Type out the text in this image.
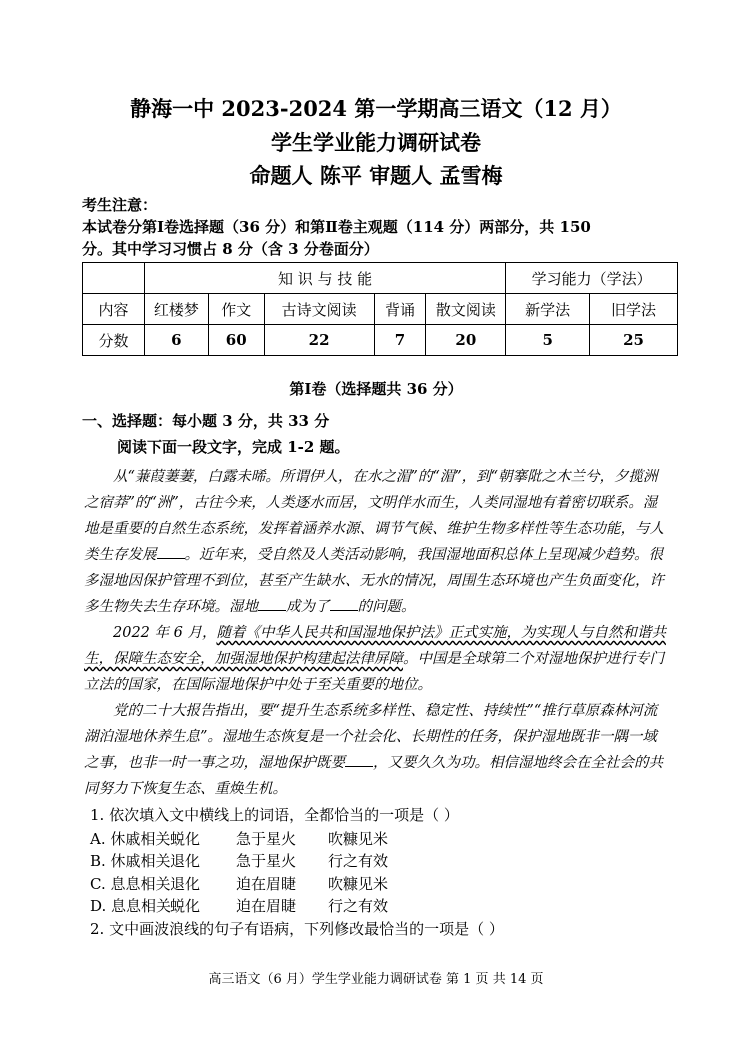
静海一中 2023-2024 第一学期高三语文（12 月）
学生学业能力调研试卷
命题人 陈平 审题人 孟雪梅
考生注意：
本试卷分第Ⅰ卷选择题（36 分）和第Ⅱ卷主观题（114 分）两部分，共 150
分。其中学习习惯占 8 分（含 3 分卷面分）
	知 识 与 技 能					学习能力（学法）	
内容	红楼梦	作文	古诗文阅读	背诵	散文阅读	新学法	旧学法
分数	6	60	22	7	20	5	25
第Ⅰ卷（选择题共 36 分）
一、选择题：每小题 3 分，共 33 分
阅读下面一段文字，完成 1-2 题。

从“蒹葭萋萋，白露未晞。所谓伊人，在水之湄”的“湄”，到“朝搴阰之木兰兮，夕揽洲之宿莽”的“洲”，古往今来，人类逐水而居，文明伴水而生，人类同湿地有着密切联系。湿地是重要的自然生态系统，发挥着涵养水源、调节气候、维护生物多样性等生态功能，与人类生存发展 。近年来，受自然及人类活动影响，我国湿地面积总体上呈现减少趋势。很多湿地因保护管理不到位，甚至产生缺水、无水的情况，周围生态环境也产生负面变化，许多生物失去生存环境。湿地 成为了 的问题。

2022 年 6 月，随着《中华人民共和国湿地保护法》正式实施，为实现人与自然和谐共生，保障生态安全，加强湿地保护构建起法律屏障。中国是全球第二个对湿地保护进行专门立法的国家，在国际湿地保护中处于至关重要的地位。

党的二十大报告指出，要“提升生态系统多样性、稳定性、持续性”“推行草原森林河流湖泊湿地休养生息”。湿地生态恢复是一个社会化、长期性的任务，保护湿地既非一隅一域之事，也非一时一事之功，湿地保护既要 ，又要久久为功。相信湿地终会在全社会的共同努力下恢复生态、重焕生机。

1. 依次填入文中横线上的词语，全都恰当的一项是（ ）
A. 休戚相关蜕化 急于星火 吹糠见米
B. 休戚相关退化 急于星火 行之有效
C. 息息相关退化 迫在眉睫 吹糠见米
D. 息息相关蜕化 迫在眉睫 行之有效
2. 文中画波浪线的句子有语病，下列修改最恰当的一项是（ ）
高三语文（6 月）学生学业能力调研试卷 第 1 页 共 14 页
